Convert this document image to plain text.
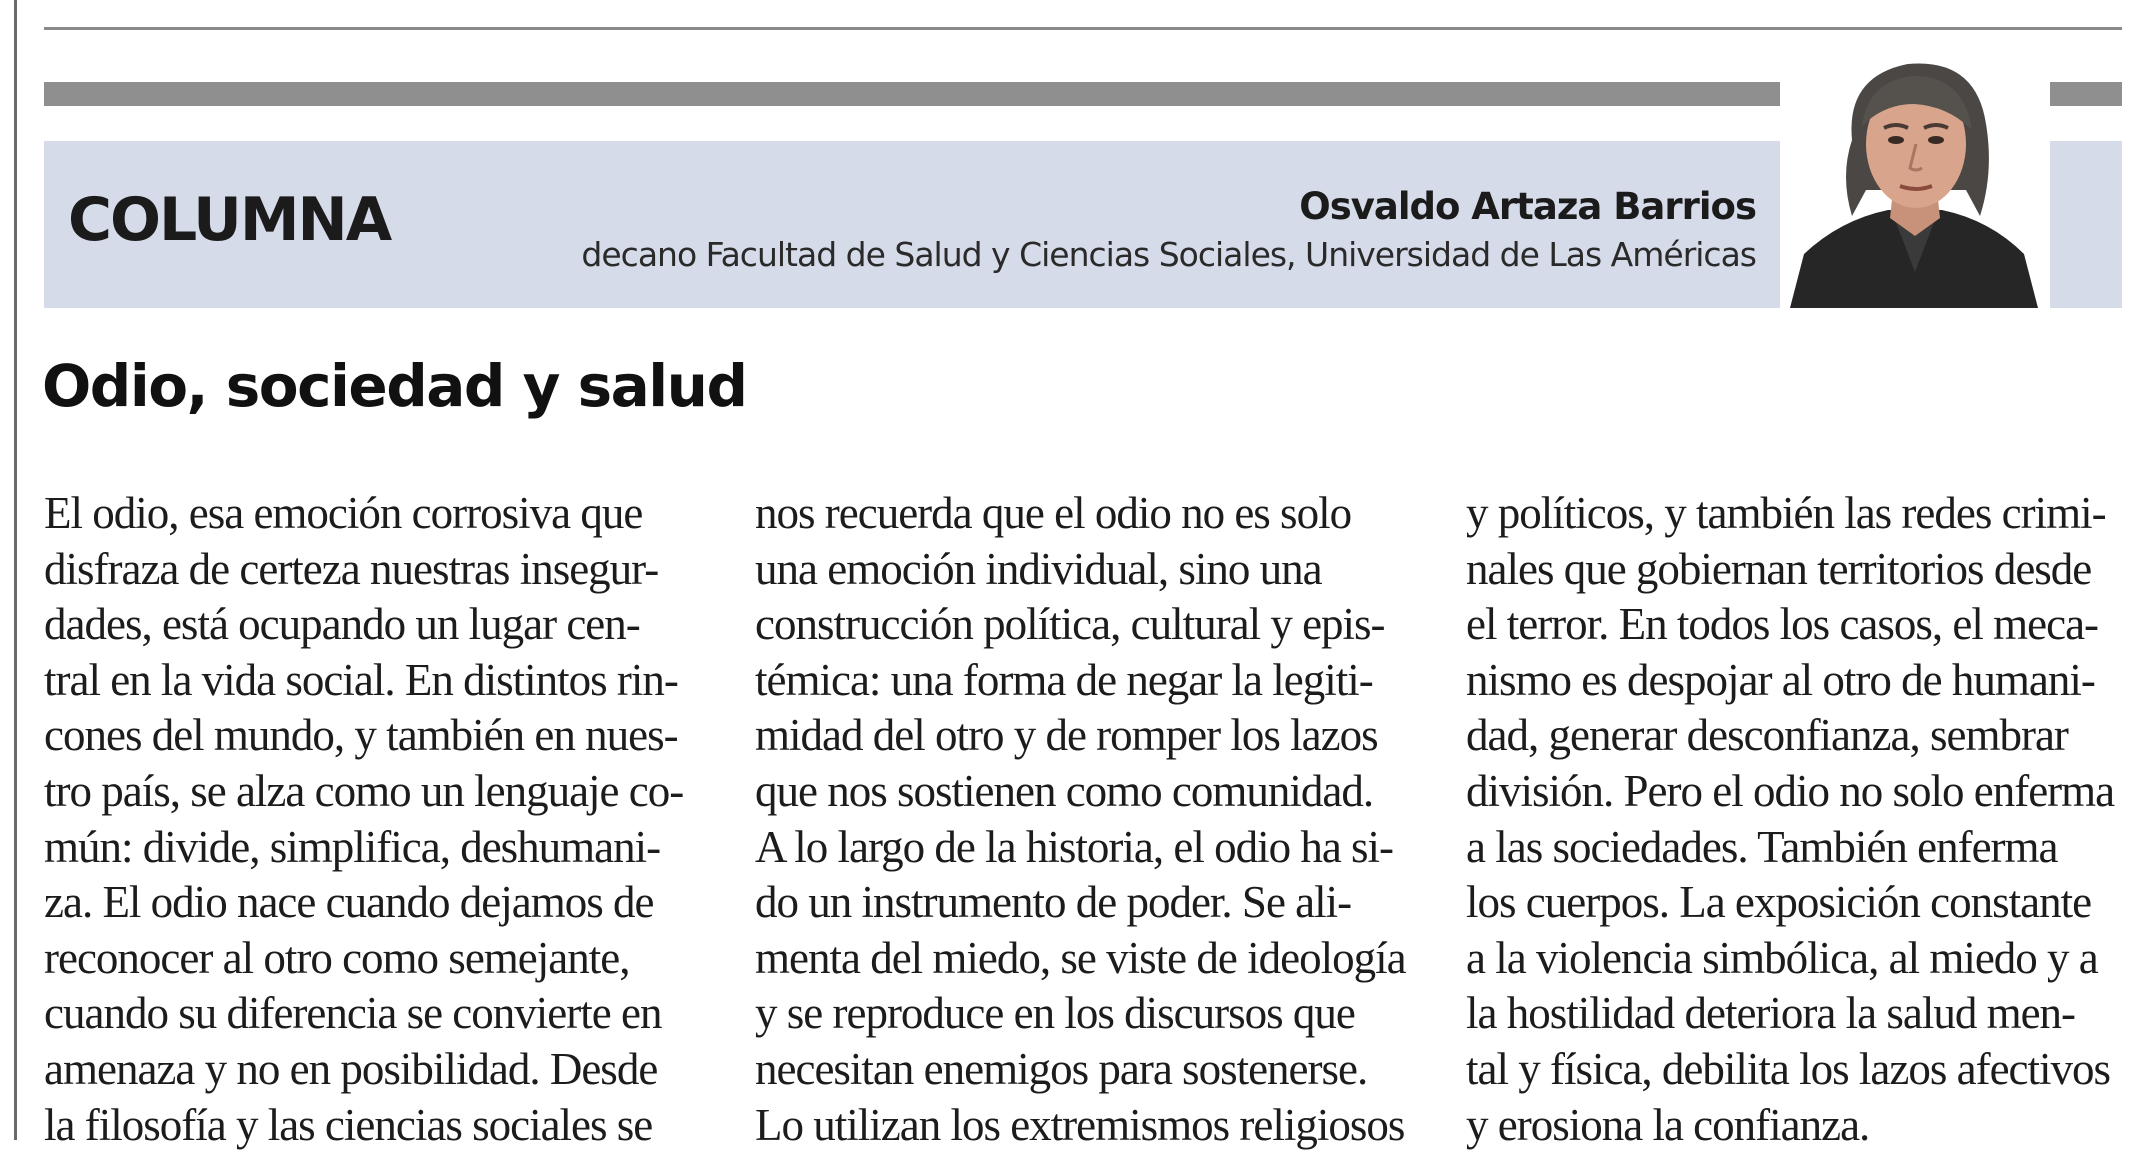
COLUMNA	Osvaldo Artaza Barrios
decano Facultad de Salud y Ciencias Sociales, Universidad de Las Américas
Odio, sociedad y salud
El odio, esa emoción corrosiva que
disfraza de certeza nuestras insegur-
dades, está ocupando un lugar cen-
tral en la vida social. En distintos rin-
cones del mundo, y también en nues-
tro país, se alza como un lenguaje co-
mún: divide, simplifica, deshumani-
za. El odio nace cuando dejamos de
reconocer al otro como semejante,
cuando su diferencia se convierte en
amenaza y no en posibilidad. Desde
la filosofía y las ciencias sociales se
nos recuerda que el odio no es solo
una emoción individual, sino una
construcción política, cultural y epis-
témica: una forma de negar la legiti-
midad del otro y de romper los lazos
que nos sostienen como comunidad.
A lo largo de la historia, el odio ha si-
do un instrumento de poder. Se ali-
menta del miedo, se viste de ideología
y se reproduce en los discursos que
necesitan enemigos para sostenerse.
Lo utilizan los extremismos religiosos
y políticos, y también las redes crimi-
nales que gobiernan territorios desde
el terror. En todos los casos, el meca-
nismo es despojar al otro de humani-
dad, generar desconfianza, sembrar
división. Pero el odio no solo enferma
a las sociedades. También enferma
los cuerpos. La exposición constante
a la violencia simbólica, al miedo y a
la hostilidad deteriora la salud men-
tal y física, debilita los lazos afectivos
y erosiona la confianza.
